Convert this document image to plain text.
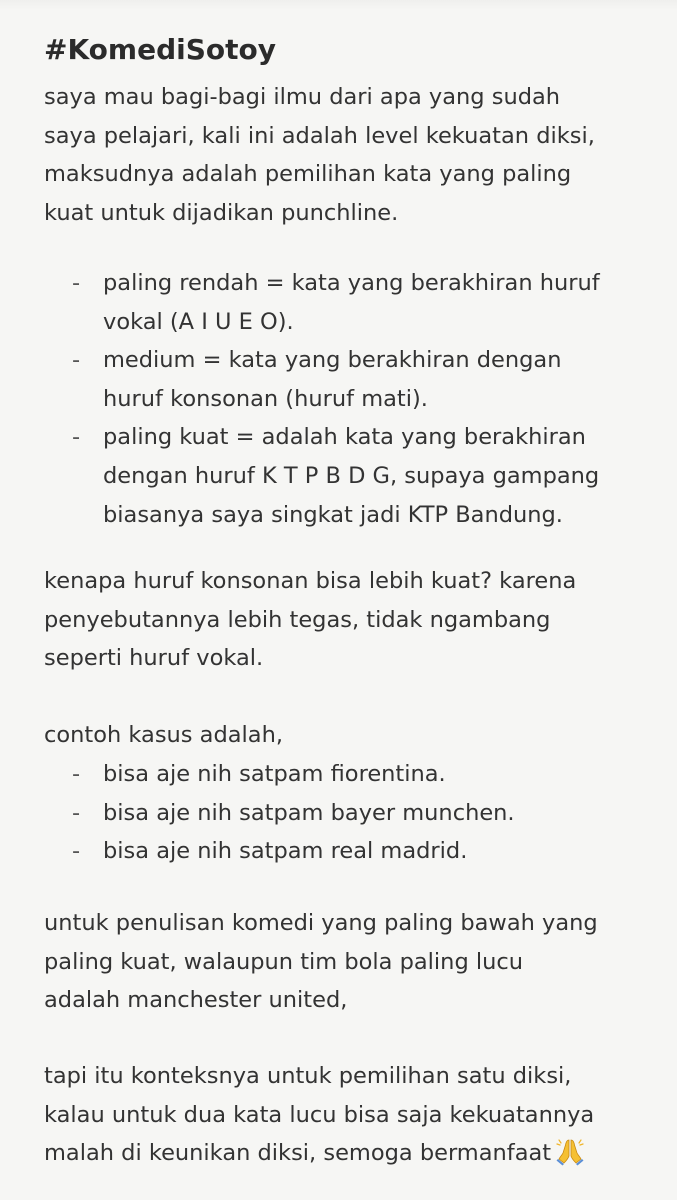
#KomediSotoy
saya mau bagi-bagi ilmu dari apa yang sudah
saya pelajari, kali ini adalah level kekuatan diksi,
maksudnya adalah pemilihan kata yang paling
kuat untuk dijadikan punchline.
- paling rendah = kata yang berakhiran huruf
vokal (A I U E O).
- medium = kata yang berakhiran dengan
huruf konsonan (huruf mati).
- paling kuat = adalah kata yang berakhiran
dengan huruf K T P B D G, supaya gampang
biasanya saya singkat jadi KTP Bandung.
kenapa huruf konsonan bisa lebih kuat? karena
penyebutannya lebih tegas, tidak ngambang
seperti huruf vokal.
contoh kasus adalah,
- bisa aje nih satpam fiorentina.
- bisa aje nih satpam bayer munchen.
- bisa aje nih satpam real madrid.
untuk penulisan komedi yang paling bawah yang
paling kuat, walaupun tim bola paling lucu
adalah manchester united,
tapi itu konteksnya untuk pemilihan satu diksi,
kalau untuk dua kata lucu bisa saja kekuatannya
malah di keunikan diksi, semoga bermanfaat
